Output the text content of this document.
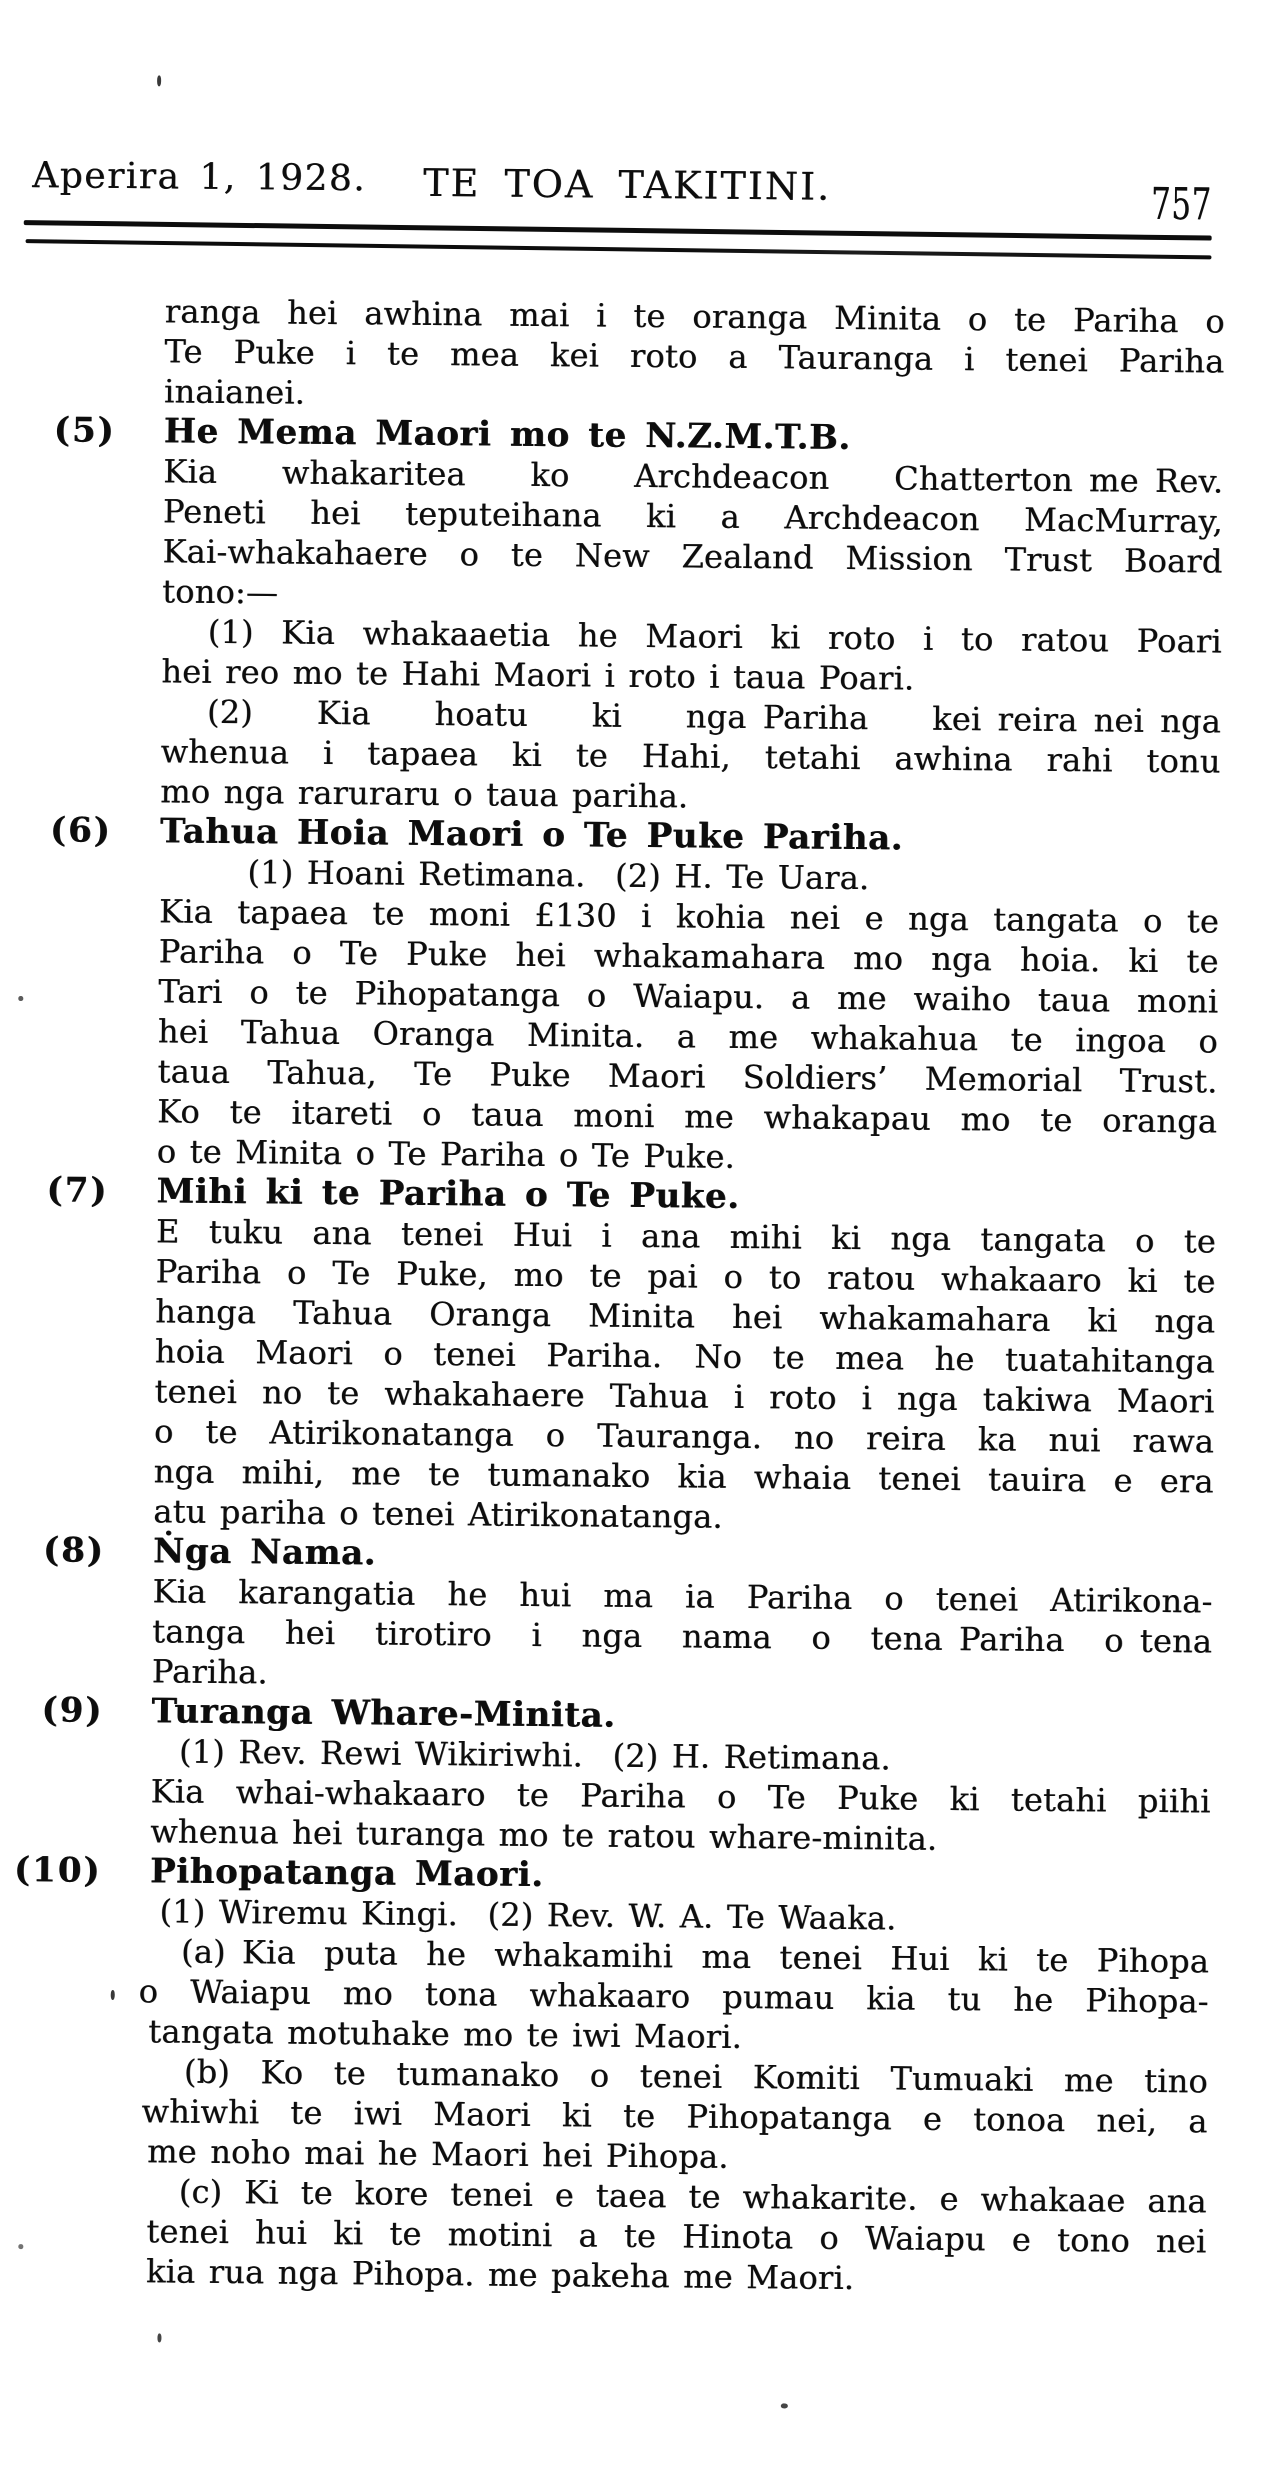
Aperira 1, 1928. TE TOA TAKITINI.	757
ranga hei awhina mai i te oranga Minita o te Pariha o
Te Puke i te mea kei roto a Tauranga i tenei Pariha
inaianei.
(5) He Mema Maori mo te N.Z.M.T.B.
Kia whakaritea ko Archdeacon Chatterton me Rev.
Peneti hei teputeihana ki a Archdeacon MacMurray,
Kai-whakahaere o te New Zealand Mission Trust Board
tono:—
(1) Kia whakaaetia he Maori ki roto i to ratou Poari
hei reo mo te Hahi Maori i roto i taua Poari.
(2) Kia hoatu ki nga Pariha kei reira nei nga
whenua i tapaea ki te Hahi, tetahi awhina rahi tonu
mo nga raruraru o taua pariha.
(6) Tahua Hoia Maori o Te Puke Pariha.
(1) Hoani Retimana.  (2) H. Te Uara.
Kia tapaea te moni £130 i kohia nei e nga tangata o te
Pariha o Te Puke hei whakamahara mo nga hoia. ki te
Tari o te Pihopatanga o Waiapu. a me waiho taua moni
hei Tahua Oranga Minita. a me whakahua te ingoa o
taua Tahua, Te Puke Maori Soldiers’ Memorial Trust.
Ko te itareti o taua moni me whakapau mo te oranga
o te Minita o Te Pariha o Te Puke.
(7) Mihi ki te Pariha o Te Puke.
E tuku ana tenei Hui i ana mihi ki nga tangata o te
Pariha o Te Puke, mo te pai o to ratou whakaaro ki te
hanga Tahua Oranga Minita hei whakamahara ki nga
hoia Maori o tenei Pariha. No te mea he tuatahitanga
tenei no te whakahaere Tahua i roto i nga takiwa Maori
o te Atirikonatanga o Tauranga. no reira ka nui rawa
nga mihi, me te tumanako kia whaia tenei tauira e era
atu pariha o tenei Atirikonatanga.
(8) Ṅga Nama.
Kia karangatia he hui ma ia Pariha o tenei Atirikona-
tanga hei tirotiro i nga nama o tena Pariha o tena
Pariha.
(9) Turanga Whare-Minita.
(1) Rev. Rewi Wikiriwhi.  (2) H. Retimana.
Kia whai-whakaaro te Pariha o Te Puke ki tetahi piihi
whenua hei turanga mo te ratou whare-minita.
(10) Pihopatanga Maori.
(1) Wiremu Kingi.  (2) Rev. W. A. Te Waaka.
(a) Kia puta he whakamihi ma tenei Hui ki te Pihopa
o Waiapu mo tona whakaaro pumau kia tu he Pihopa-
tangata motuhake mo te iwi Maori.
(b) Ko te tumanako o tenei Komiti Tumuaki me tino
whiwhi te iwi Maori ki te Pihopatanga e tonoa nei, a
me noho mai he Maori hei Pihopa.
(c) Ki te kore tenei e taea te whakarite. e whakaae ana
tenei hui ki te motini a te Hinota o Waiapu e tono nei
kia rua nga Pihopa. me pakeha me Maori.
